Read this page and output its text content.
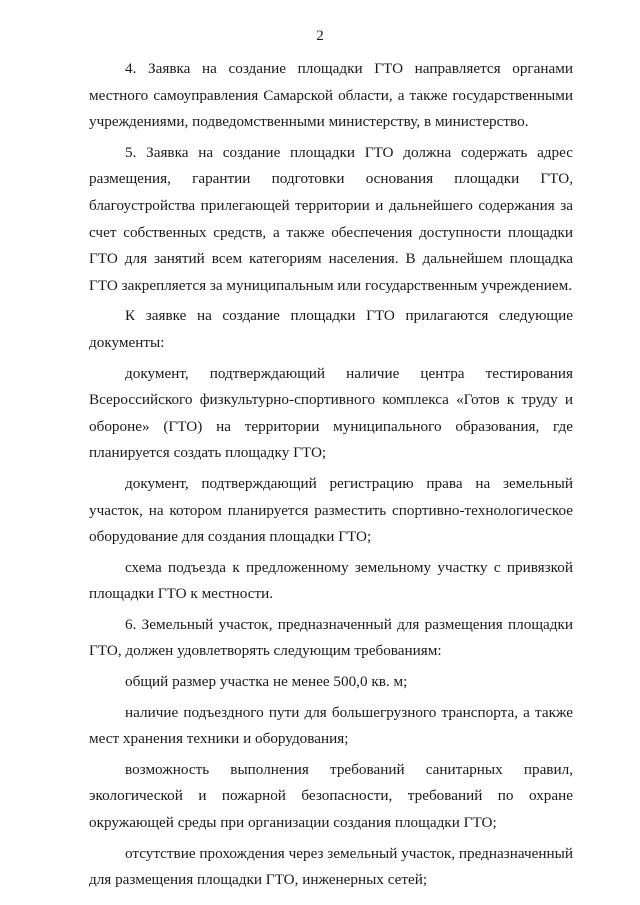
2

4. Заявка на создание площадки ГТО направляется органами местного самоуправления Самарской области, а также государственными учреждениями, подведомственными министерству, в министерство.

5. Заявка на создание площадки ГТО должна содержать адрес размещения, гарантии подготовки основания площадки ГТО, благоустройства прилегающей территории и дальнейшего содержания за счет собственных средств, а также обеспечения доступности площадки ГТО для занятий всем категориям населения. В дальнейшем площадка ГТО закрепляется за муниципальным или государственным учреждением.

К заявке на создание площадки ГТО прилагаются следующие документы:

документ, подтверждающий наличие центра тестирования Всероссийского физкультурно-спортивного комплекса «Готов к труду и обороне» (ГТО) на территории муниципального образования, где планируется создать площадку ГТО;

документ, подтверждающий регистрацию права на земельный участок, на котором планируется разместить спортивно-технологическое оборудование для создания площадки ГТО;

схема подъезда к предложенному земельному участку с привязкой площадки ГТО к местности.

6. Земельный участок, предназначенный для размещения площадки ГТО, должен удовлетворять следующим требованиям:

общий размер участка не менее 500,0 кв. м;

наличие подъездного пути для большегрузного транспорта, а также мест хранения техники и оборудования;

возможность выполнения требований санитарных правил, экологической и пожарной безопасности, требований по охране окружающей среды при организации создания площадки ГТО;

отсутствие прохождения через земельный участок, предназначенный для размещения площадки ГТО, инженерных сетей;
